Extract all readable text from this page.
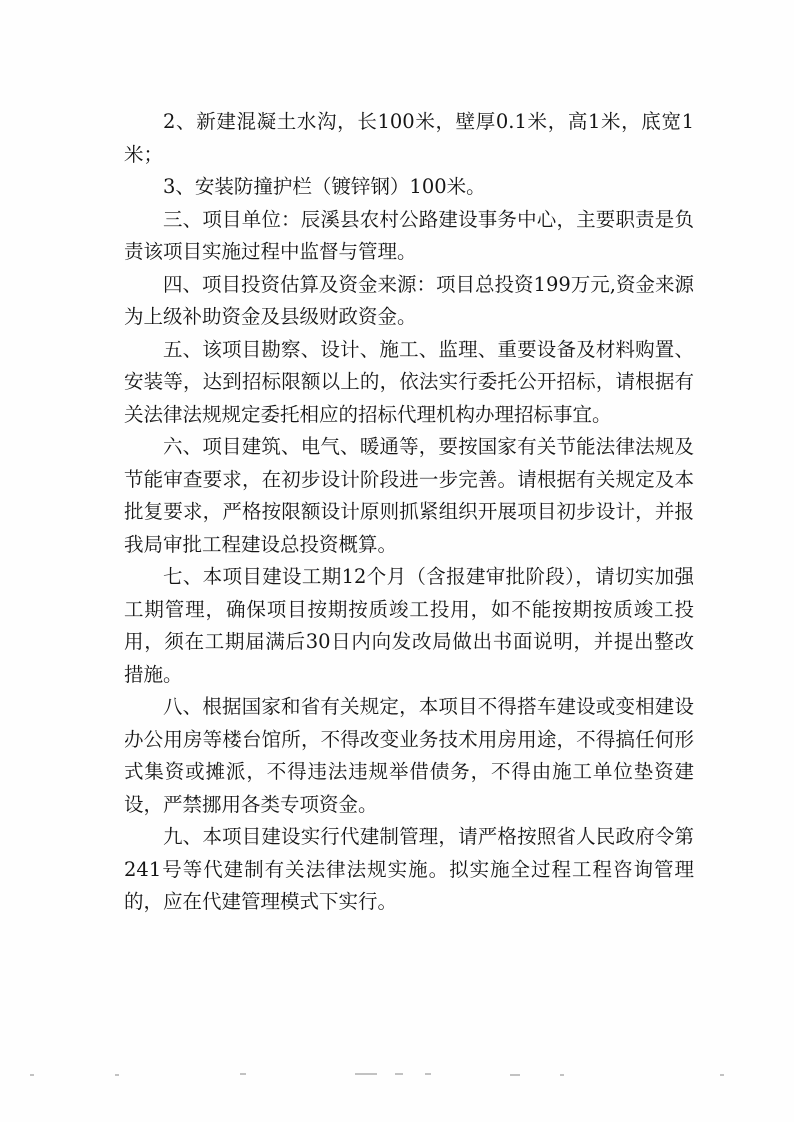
2、新建混凝土水沟，长100米，壁厚0.1米，高1米，底宽1米；

3、安装防撞护栏（镀锌钢）100米。

三、项目单位：辰溪县农村公路建设事务中心，主要职责是负责该项目实施过程中监督与管理。

四、项目投资估算及资金来源：项目总投资199万元,资金来源为上级补助资金及县级财政资金。

五、该项目勘察、设计、施工、监理、重要设备及材料购置、安装等，达到招标限额以上的，依法实行委托公开招标，请根据有关法律法规规定委托相应的招标代理机构办理招标事宜。

六、项目建筑、电气、暖通等，要按国家有关节能法律法规及节能审查要求，在初步设计阶段进一步完善。请根据有关规定及本批复要求，严格按限额设计原则抓紧组织开展项目初步设计，并报我局审批工程建设总投资概算。

七、本项目建设工期12个月（含报建审批阶段），请切实加强工期管理，确保项目按期按质竣工投用，如不能按期按质竣工投用，须在工期届满后30日内向发改局做出书面说明，并提出整改措施。

八、根据国家和省有关规定，本项目不得搭车建设或变相建设办公用房等楼台馆所，不得改变业务技术用房用途，不得搞任何形式集资或摊派，不得违法违规举借债务，不得由施工单位垫资建设，严禁挪用各类专项资金。

九、本项目建设实行代建制管理，请严格按照省人民政府令第241号等代建制有关法律法规实施。拟实施全过程工程咨询管理的，应在代建管理模式下实行。
